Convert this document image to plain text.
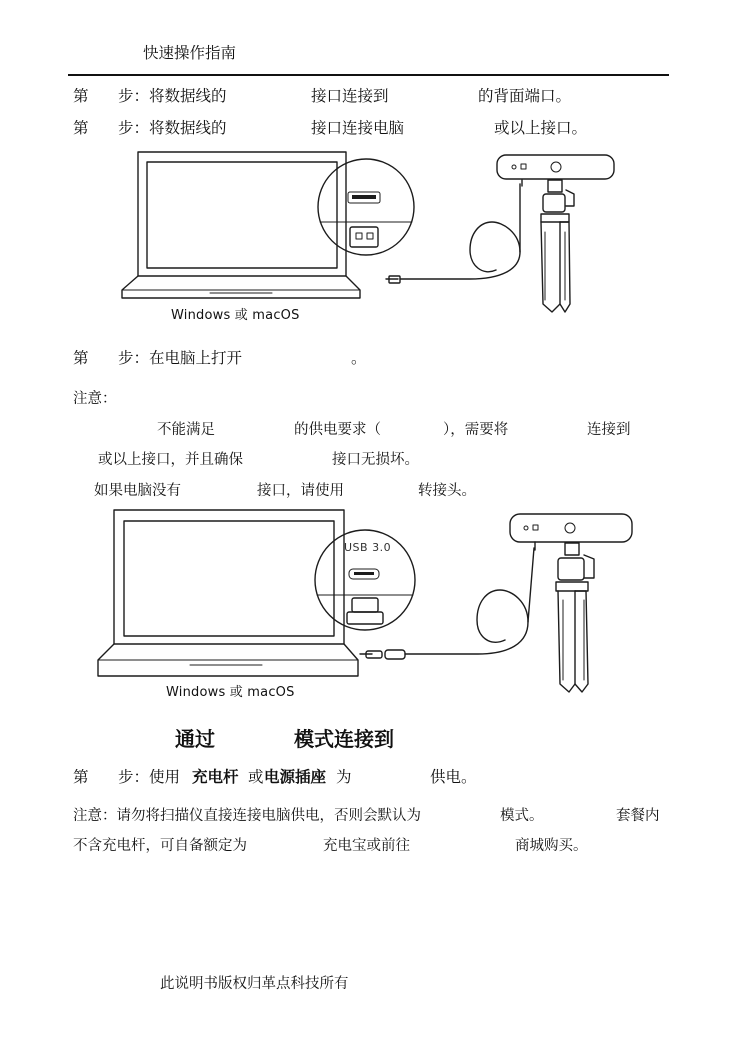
快速操作指南
第 步：将数据线的	接口连接到	的背面端口。
第 步：将数据线的	接口连接电脑	或以上接口。
Windows 或 macOS
第 步：在电脑上打开	。
注意：
不能满足	的供电要求（	），需要将	连接到
或以上接口，并且确保	接口无损坏。
如果电脑没有	接口，请使用	转接头。
USB 3.0
Windows 或 macOS
通过	模式连接到
第 步：使用 充电杆 或 电源插座 为	供电。
注意：请勿将扫描仪直接连接电脑供电，否则会默认为	模式。	套餐内
不含充电杆，可自备额定为	充电宝或前往	商城购买。
此说明书版权归革点科技所有
